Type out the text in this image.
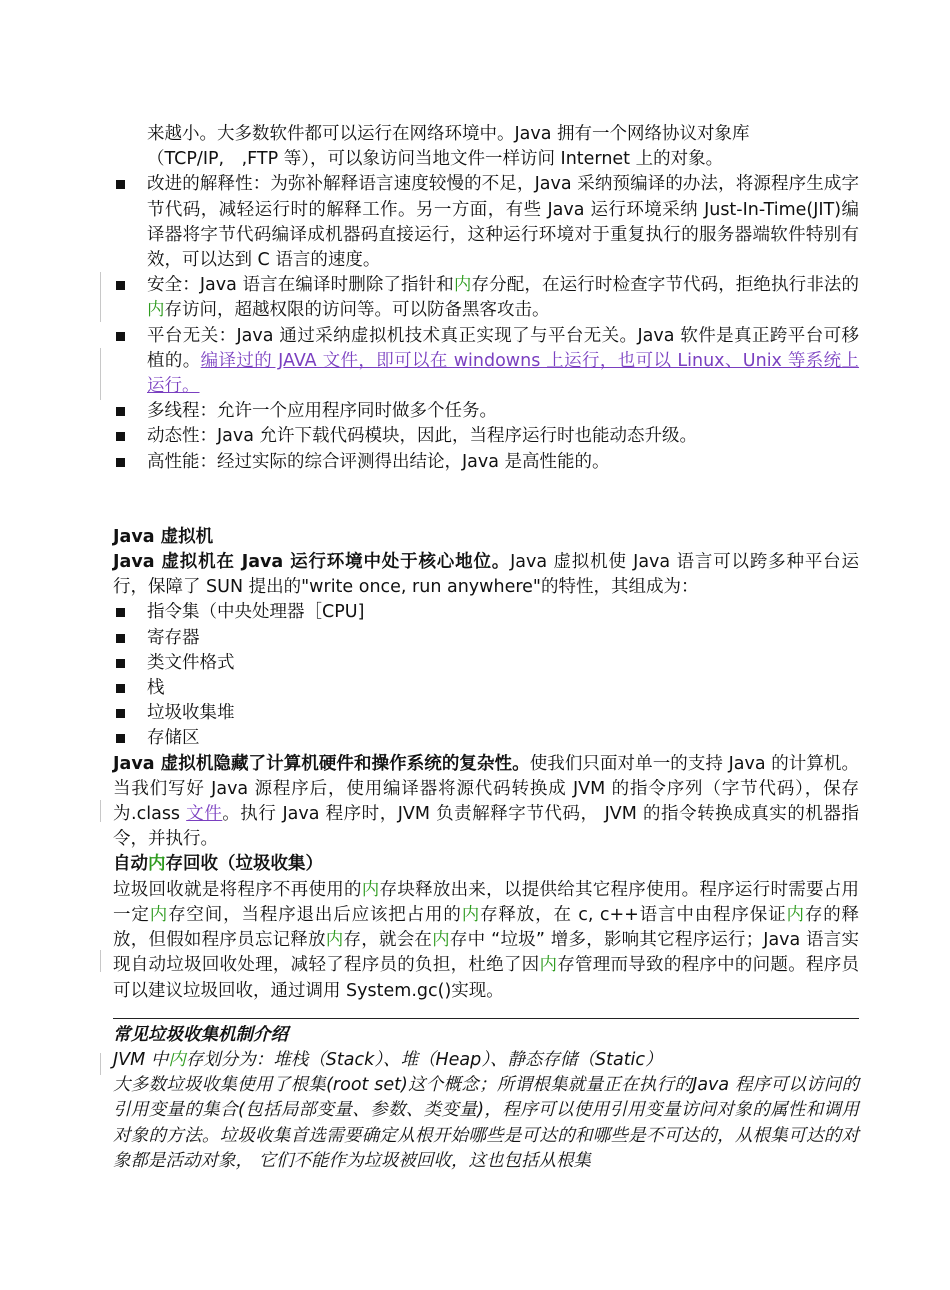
来越小。大多数软件都可以运行在网络环境中。Java 拥有一个网络协议对象库
（TCP/IP,　,FTP 等），可以象访问当地文件一样访问 Internet 上的对象。

改进的解释性：为弥补解释语言速度较慢的不足，Java 采纳预编译的办法，将源程序生成字节代码，减轻运行时的解释工作。另一方面，有些 Java 运行环境采纳 Just-In-Time(JIT)编译器将字节代码编译成机器码直接运行，这种运行环境对于重复执行的服务器端软件特别有效，可以达到 C 语言的速度。
安全：Java 语言在编译时删除了指针和内存分配，在运行时检查字节代码，拒绝执行非法的内存访问，超越权限的访问等。可以防备黑客攻击。
平台无关：Java 通过采纳虚拟机技术真正实现了与平台无关。Java 软件是真正跨平台可移植的。编译过的 JAVA 文件，即可以在 windowns 上运行，也可以 Linux、Unix 等系统上运行。
多线程：允许一个应用程序同时做多个任务。
动态性：Java 允许下载代码模块，因此，当程序运行时也能动态升级。
高性能：经过实际的综合评测得出结论，Java 是高性能的。

Java 虚拟机

Java 虚拟机在 Java 运行环境中处于核心地位。Java 虚拟机使 Java 语言可以跨多种平台运行，保障了 SUN 提出的"write once, run anywhere"的特性，其组成为：

指令集（中央处理器［CPU]
寄存器
类文件格式
栈
垃圾收集堆
存储区

Java 虚拟机隐藏了计算机硬件和操作系统的复杂性。使我们只面对单一的支持 Java 的计算机。当我们写好 Java 源程序后，使用编译器将源代码转换成 JVM 的指令序列（字节代码），保存为.class 文件。执行 Java 程序时，JVM 负责解释字节代码， JVM 的指令转换成真实的机器指令，并执行。

自动内存回收（垃圾收集）

垃圾回收就是将程序不再使用的内存块释放出来，以提供给其它程序使用。程序运行时需要占用一定内存空间，当程序退出后应该把占用的内存释放，在 c, c++语言中由程序保证内存的释放，但假如程序员忘记释放内存，就会在内存中 “垃圾” 增多，影响其它程序运行；Java 语言实现自动垃圾回收处理，减轻了程序员的负担，杜绝了因内存管理而导致的程序中的问题。程序员可以建议垃圾回收，通过调用 System.gc()实现。

常见垃圾收集机制介绍

JVM 中内存划分为：堆栈（Stack）、堆（Heap）、静态存储（Static）

大多数垃圾收集使用了根集(root set)这个概念；所谓根集就量正在执行的Java 程序可以访问的引用变量的集合(包括局部变量、参数、类变量)，程序可以使用引用变量访问对象的属性和调用对象的方法。垃圾收集首选需要确定从根开始哪些是可达的和哪些是不可达的，从根集可达的对象都是活动对象， 它们不能作为垃圾被回收，这也包括从根集
